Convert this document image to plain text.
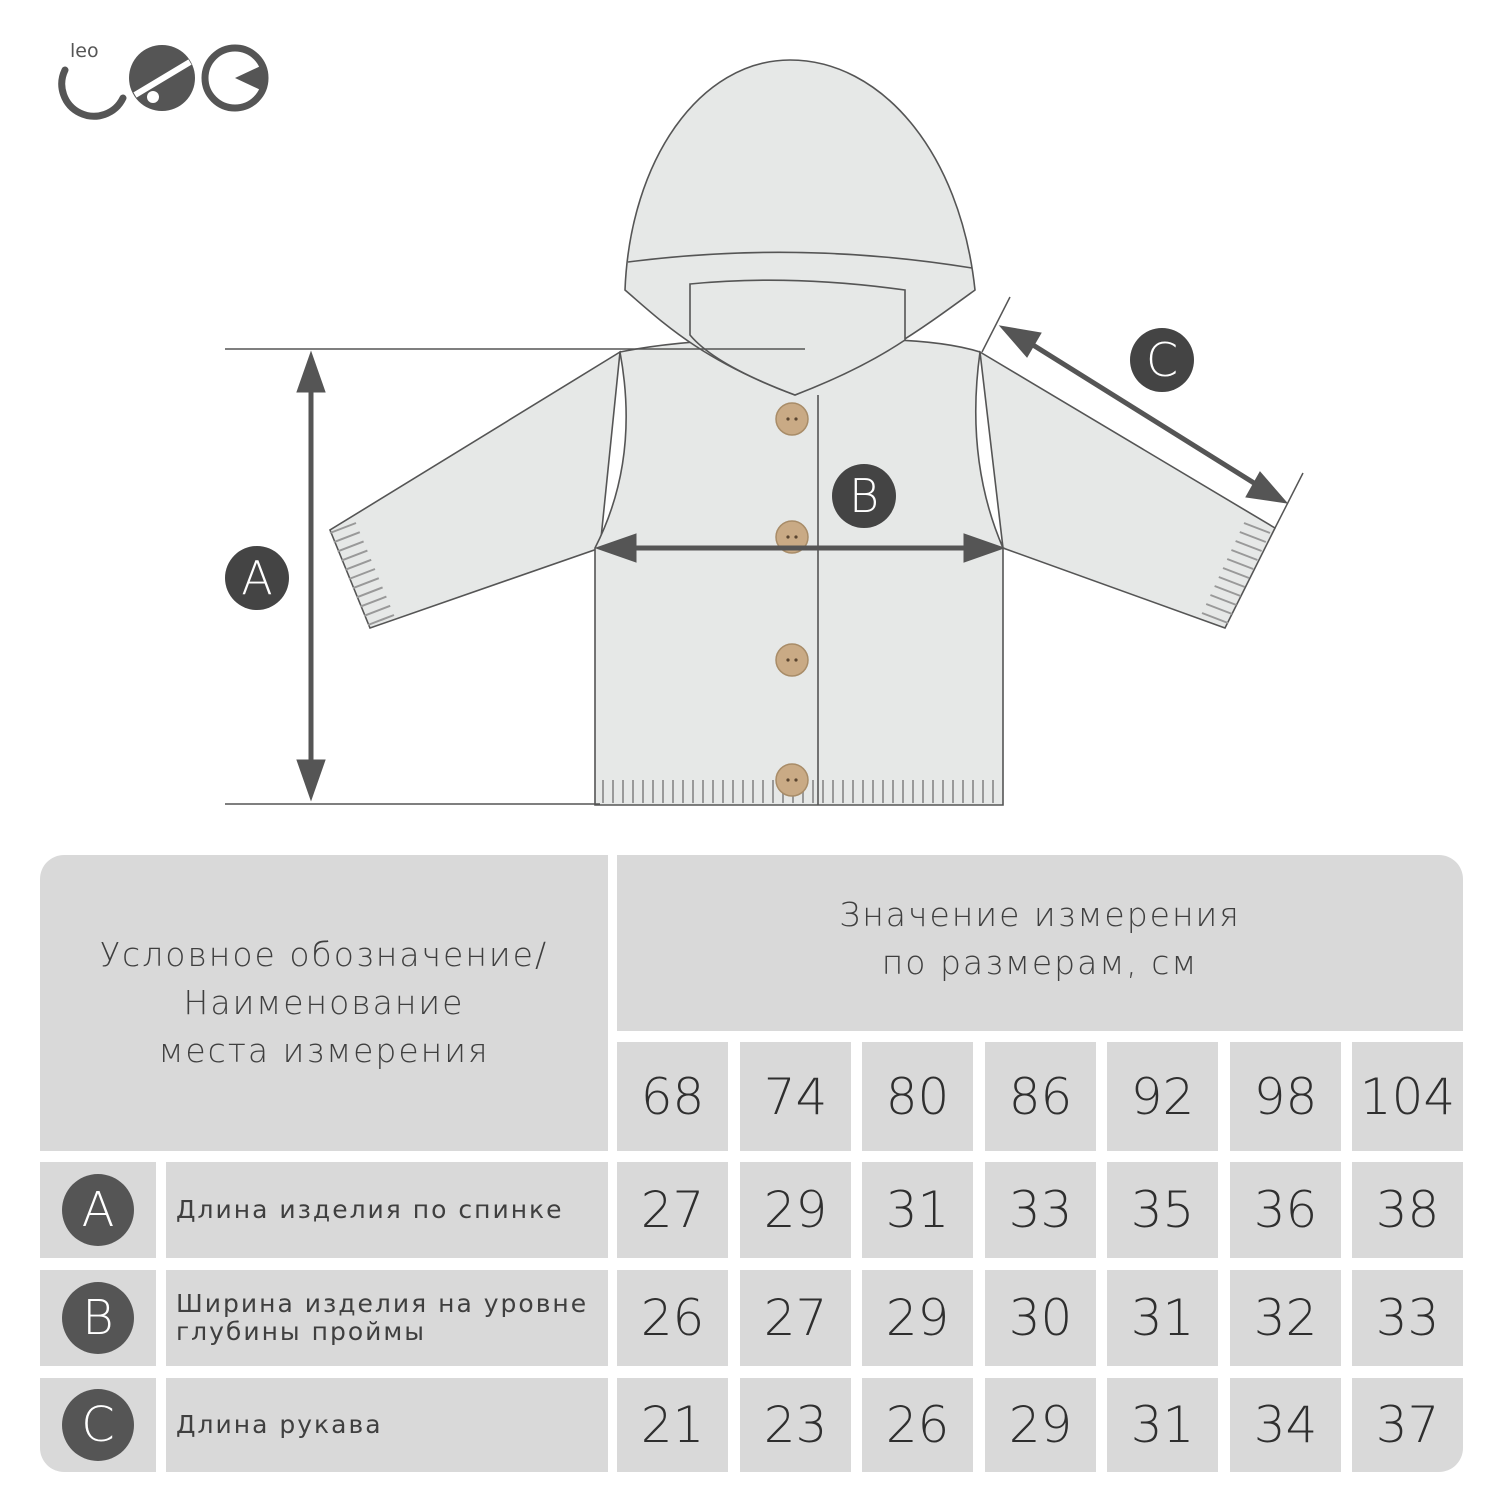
leo
A
B
C
Условное обозначение/
Наименование
места измерения
Значение измерения
по размерам, см
68	74	80	86	92	98 104
A	Длина изделия по спинке	27	29	31	33	35	36	38
B	Ширина изделия на уровне
глубины проймы	26	27	29	30	31	32	33
C	Длина рукава	21	23	26	29	31	34	37
